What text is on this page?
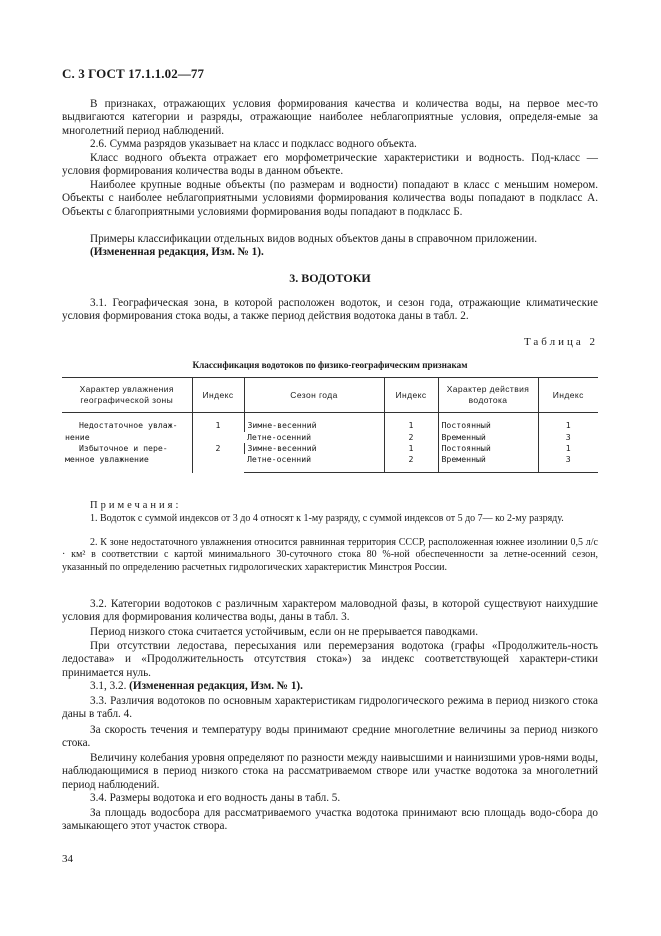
С. 3 ГОСТ 17.1.1.02—77

В признаках, отражающих условия формирования качества и количества воды, на первое мес-то выдвигаются категории и разряды, отражающие наиболее неблагоприятные условия, определя-емые за многолетний период наблюдений.

2.6. Сумма разрядов указывает на класс и подкласс водного объекта.

Класс водного объекта отражает его морфометрические характеристики и водность. Под-класс — условия формирования количества воды в данном объекте.

Наиболее крупные водные объекты (по размерам и водности) попадают в класс с меньшим номером. Объекты с наиболее неблагоприятными условиями формирования количества воды попадают в подкласс А. Объекты с благоприятными условиями формирования воды попадают в подкласс Б.

Примеры классификации отдельных видов водных объектов даны в справочном приложении.

(Измененная редакция, Изм. № 1).

3. ВОДОТОКИ

3.1. Географическая зона, в которой расположен водоток, и сезон года, отражающие климатические условия формирования стока воды, а также период действия водотока даны в табл. 2.

Таблица 2
Классификация водотоков по физико-географическим признакам
Характер увлажнения географической зоны	Индекс	Сезон года	Индекс	Характер действия водотока	Индекс
Недостаточное увлаж-нение	1	Зимне-весенний	1	Постоянный	1
		Летне-осенний	2	Временный	3
Избыточное и пере-менное увлажнение	2	Зимне-весенний	1	Постоянный	1
		Летне-осенний	2	Временный	3
Примечания:

1. Водоток с суммой индексов от 3 до 4 относят к 1-му разряду, с суммой индексов от 5 до 7— ко 2-му разряду.

2. К зоне недостаточного увлажнения относится равнинная территория СССР, расположенная южнее изолинии 0,5 л/с · км² в соответствии с картой минимального 30-суточного стока 80 %-ной обеспеченности за летне-осенний сезон, указанный по определению расчетных гидрологических характеристик Минстроя России.

3.2. Категории водотоков с различным характером маловодной фазы, в которой существуют наихудшие условия для формирования количества воды, даны в табл. 3.

Период низкого стока считается устойчивым, если он не прерывается паводками.

При отсутствии ледостава, пересыхания или перемерзания водотока (графы «Продолжитель-ность ледостава» и «Продолжительность отсутствия стока») за индекс соответствующей характери-стики принимается нуль.

3.1, 3.2. (Измененная редакция, Изм. № 1).

3.3. Различия водотоков по основным характеристикам гидрологического режима в период низкого стока даны в табл. 4.

За скорость течения и температуру воды принимают средние многолетние величины за период низкого стока.

Величину колебания уровня определяют по разности между наивысшими и наинизшими уров-нями воды, наблюдающимися в период низкого стока на рассматриваемом створе или участке водотока за многолетний период наблюдений.

3.4. Размеры водотока и его водность даны в табл. 5.

За площадь водосбора для рассматриваемого участка водотока принимают всю площадь водо-сбора до замыкающего этот участок створа.

34
